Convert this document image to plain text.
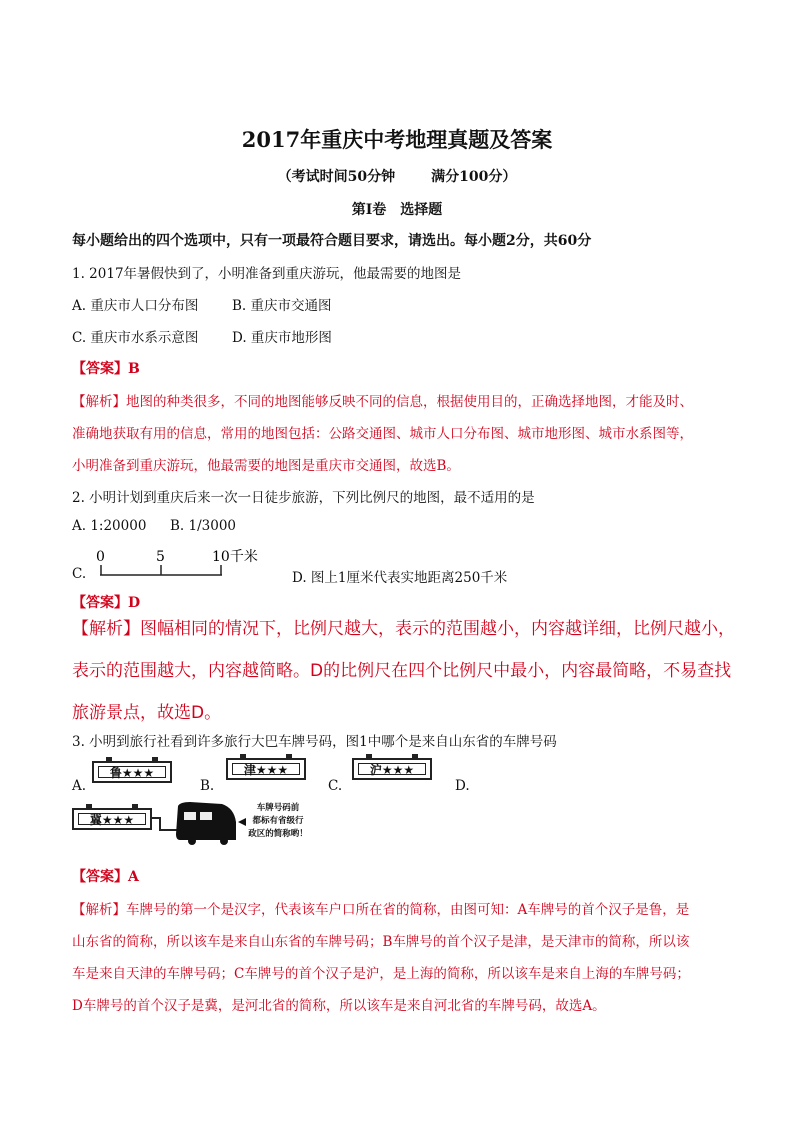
2017年重庆中考地理真题及答案
（考试时间50分钟	满分100分）
第Ⅰ卷　选择题
每小题给出的四个选项中，只有一项最符合题目要求，请选出。每小题2分，共60分
1. 2017年暑假快到了，小明准备到重庆游玩，他最需要的地图是
A. 重庆市人口分布图 B. 重庆市交通图
C. 重庆市水系示意图 D. 重庆市地形图
【答案】B
【解析】地图的种类很多，不同的地图能够反映不同的信息，根据使用目的，正确选择地图，才能及时、
准确地获取有用的信息，常用的地图包括：公路交通图、城市人口分布图、城市地形图、城市水系图等，
小明准备到重庆游玩，他最需要的地图是重庆市交通图，故选B。
2. 小明计划到重庆后来一次一日徒步旅游，下列比例尺的地图，最不适用的是
A. 1:20000 B. 1/3000
C.
0	5	10千米
D. 图上1厘米代表实地距离250千米
【答案】D
【解析】图幅相同的情况下，比例尺越大，表示的范围越小，内容越详细，比例尺越小，
表示的范围越大，内容越简略。D的比例尺在四个比例尺中最小，内容最简略，不易查找
旅游景点，故选D。
3. 小明到旅行社看到许多旅行大巴车牌号码，图1中哪个是来自山东省的车牌号码
A.
鲁★★★
B.
津★★★
C.
沪★★★
D.
冀★★★
车牌号码前
都标有省级行
政区的简称哟！
【答案】A
【解析】车牌号的第一个是汉字，代表该车户口所在省的简称，由图可知：A车牌号的首个汉子是鲁，是
山东省的简称，所以该车是来自山东省的车牌号码；B车牌号的首个汉子是津，是天津市的简称，所以该
车是来自天津的车牌号码；C车牌号的首个汉子是沪，是上海的简称，所以该车是来自上海的车牌号码；
D车牌号的首个汉子是冀，是河北省的简称，所以该车是来自河北省的车牌号码，故选A。
